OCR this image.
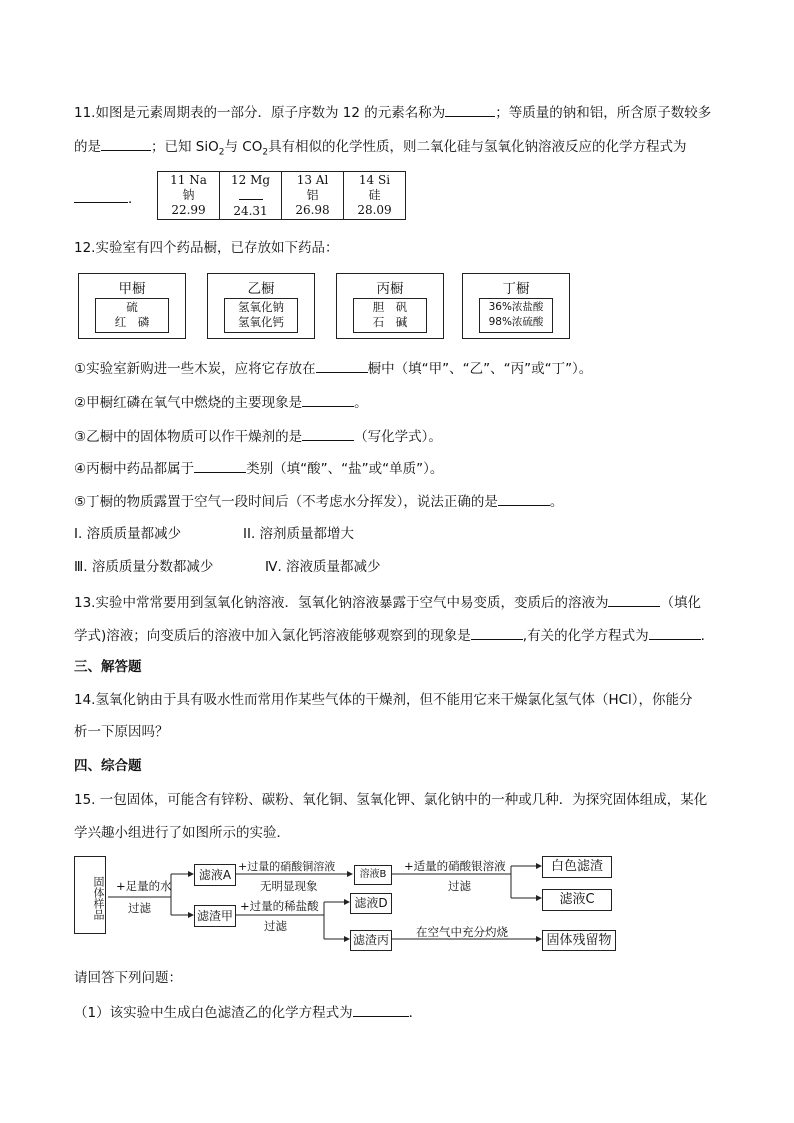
11.如图是元素周期表的一部分．原子序数为 12 的元素名称为	；等质量的钠和铝，所含原子数较多
的是	；已知 SiO$_2$与 $CO_2$具有相似的化学性质，则二氧化硅与氢氧化钠溶液反应的化学方程式为
．
11 Na
钠
22.99

12 Mg
24.31

13 Al
铝
26.98

14 Si
硅
28.09
12.实验室有四个药品橱，已存放如下药品：
甲橱
硫
红　磷
乙橱
氢氧化钠
氢氧化钙
丙橱
胆　矾
石　碱
丁橱
36%浓盐酸
98%浓硫酸
①实验室新购进一些木炭，应将它存放在	橱中（填“甲”、“乙”、“丙”或“丁”）。
②甲橱红磷在氧气中燃烧的主要现象是	。
③乙橱中的固体物质可以作干燥剂的是	（写化学式）。
④丙橱中药品都属于	类别（填“酸”、“盐”或“单质”）。
⑤丁橱的物质露置于空气一段时间后（不考虑水分挥发），说法正确的是	。
I. 溶质质量都减少	II. 溶剂质量都增大
Ⅲ. 溶质质量分数都减少	Ⅳ. 溶液质量都减少
13.实验中常常要用到氢氧化钠溶液．氢氧化钠溶液暴露于空气中易变质，变质后的溶液为	（填化
学式)溶液；向变质后的溶液中加入氯化钙溶液能够观察到的现象是	,有关的化学方程式为	.
三、解答题
14.氢氧化钠由于具有吸水性而常用作某些气体的干燥剂，但不能用它来干燥氯化氢气体（HCl），你能分
析一下原因吗？
四、综合题
15. 一包固体，可能含有锌粉、碳粉、氧化铜、氢氧化钾、氯化钠中的一种或几种．为探究固体组成，某化
学兴趣小组进行了如图所示的实验．
固体样品 +足量的水
过滤
滤液A
+过量的硝酸铜溶液
无明显现象
溶液B
+适量的硝酸银溶液
过滤
白色滤渣
滤液C
滤渣甲
+过量的稀盐酸
过滤
滤液D
滤渣丙
在空气中充分灼烧
固体残留物
请回答下列问题：
（1）该实验中生成白色滤渣乙的化学方程式为	．
